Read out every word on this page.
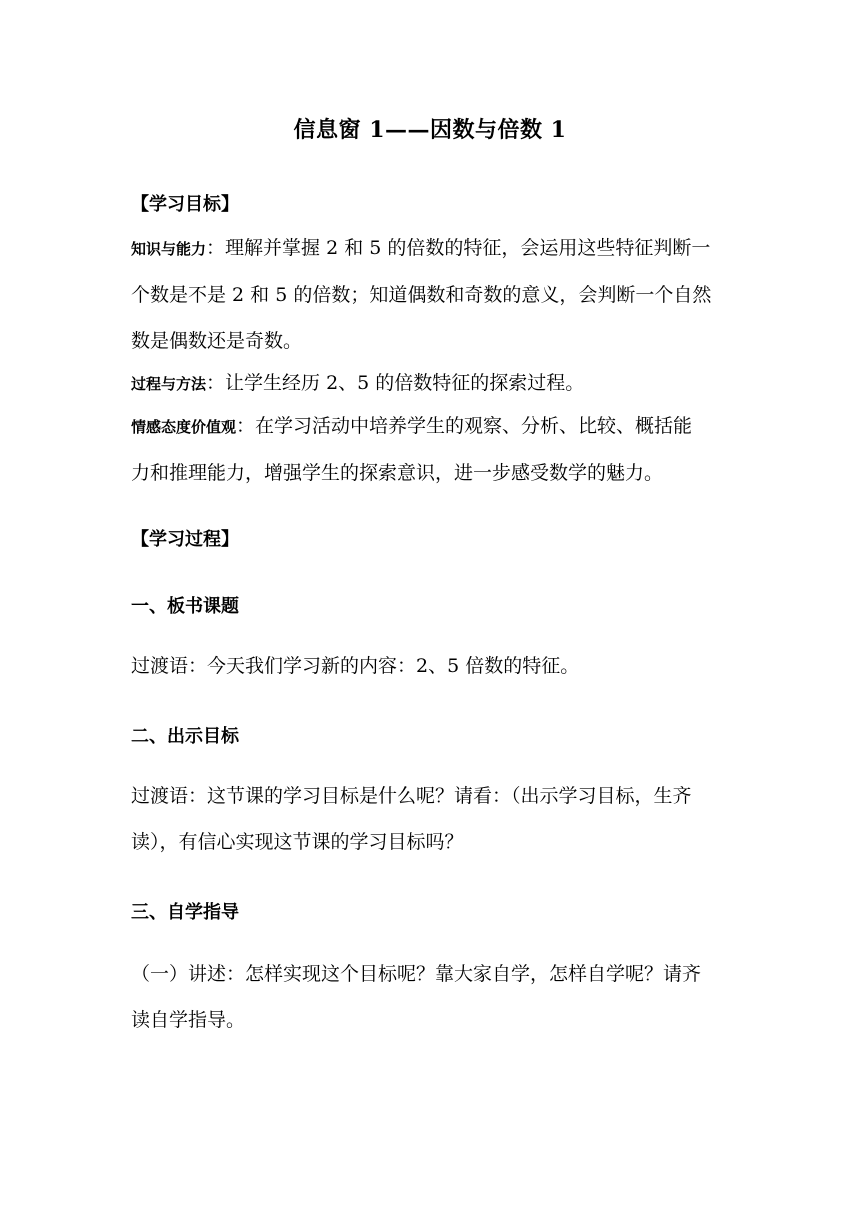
信息窗 1——因数与倍数 1
【学习目标】
知识与能力：理解并掌握 2 和 5 的倍数的特征，会运用这些特征判断一
个数是不是 2 和 5 的倍数；知道偶数和奇数的意义，会判断一个自然
数是偶数还是奇数。
过程与方法：让学生经历 2、5 的倍数特征的探索过程。
情感态度价值观：在学习活动中培养学生的观察、分析、比较、概括能
力和推理能力，增强学生的探索意识，进一步感受数学的魅力。
【学习过程】
一、板书课题
过渡语：今天我们学习新的内容：2、5 倍数的特征。
二、出示目标
过渡语：这节课的学习目标是什么呢？请看：（出示学习目标，生齐
读），有信心实现这节课的学习目标吗？
三、自学指导
（一）讲述：怎样实现这个目标呢？靠大家自学，怎样自学呢？请齐
读自学指导。
